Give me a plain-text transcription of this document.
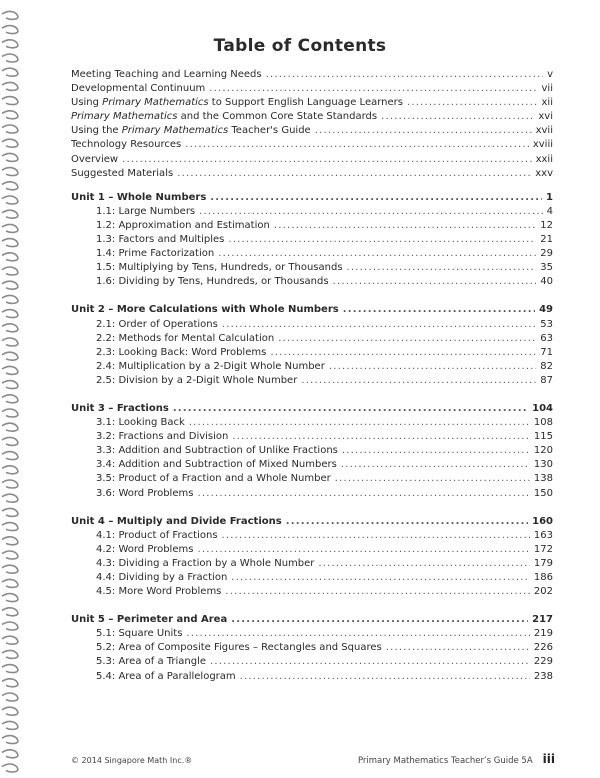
Table of Contents
Meeting Teaching and Learning Needs .....	v
Developmental Continuum .....	vii
Using Primary Mathematics to Support English Language Learners .....	xii
Primary Mathematics and the Common Core State Standards .....	xvi
Using the Primary Mathematics Teacher's Guide .....	xvii
Technology Resources .....	xviii
Overview .....	xxii
Suggested Materials .....	xxv
Unit 1 – Whole Numbers .....	1
1.1: Large Numbers .....	4
1.2: Approximation and Estimation .....	12
1.3: Factors and Multiples .....	21
1.4: Prime Factorization .....	29
1.5: Multiplying by Tens, Hundreds, or Thousands .....	35
1.6: Dividing by Tens, Hundreds, or Thousands .....	40
Unit 2 – More Calculations with Whole Numbers .....	49
2.1: Order of Operations .....	53
2.2: Methods for Mental Calculation .....	63
2.3: Looking Back: Word Problems .....	71
2.4: Multiplication by a 2-Digit Whole Number .....	82
2.5: Division by a 2-Digit Whole Number .....	87
Unit 3 – Fractions .....	104
3.1: Looking Back .....	108
3.2: Fractions and Division .....	115
3.3: Addition and Subtraction of Unlike Fractions .....	120
3.4: Addition and Subtraction of Mixed Numbers .....	130
3.5: Product of a Fraction and a Whole Number .....	138
3.6: Word Problems .....	150
Unit 4 – Multiply and Divide Fractions .....	160
4.1: Product of Fractions .....	163
4.2: Word Problems .....	172
4.3: Dividing a Fraction by a Whole Number .....	179
4.4: Dividing by a Fraction .....	186
4.5: More Word Problems .....	202
Unit 5 – Perimeter and Area .....	217
5.1: Square Units .....	219
5.2: Area of Composite Figures – Rectangles and Squares .....	226
5.3: Area of a Triangle .....	229
5.4: Area of a Parallelogram .....	238
© 2014 Singapore Math Inc.®	Primary Mathematics Teacher’s Guide 5A iii
